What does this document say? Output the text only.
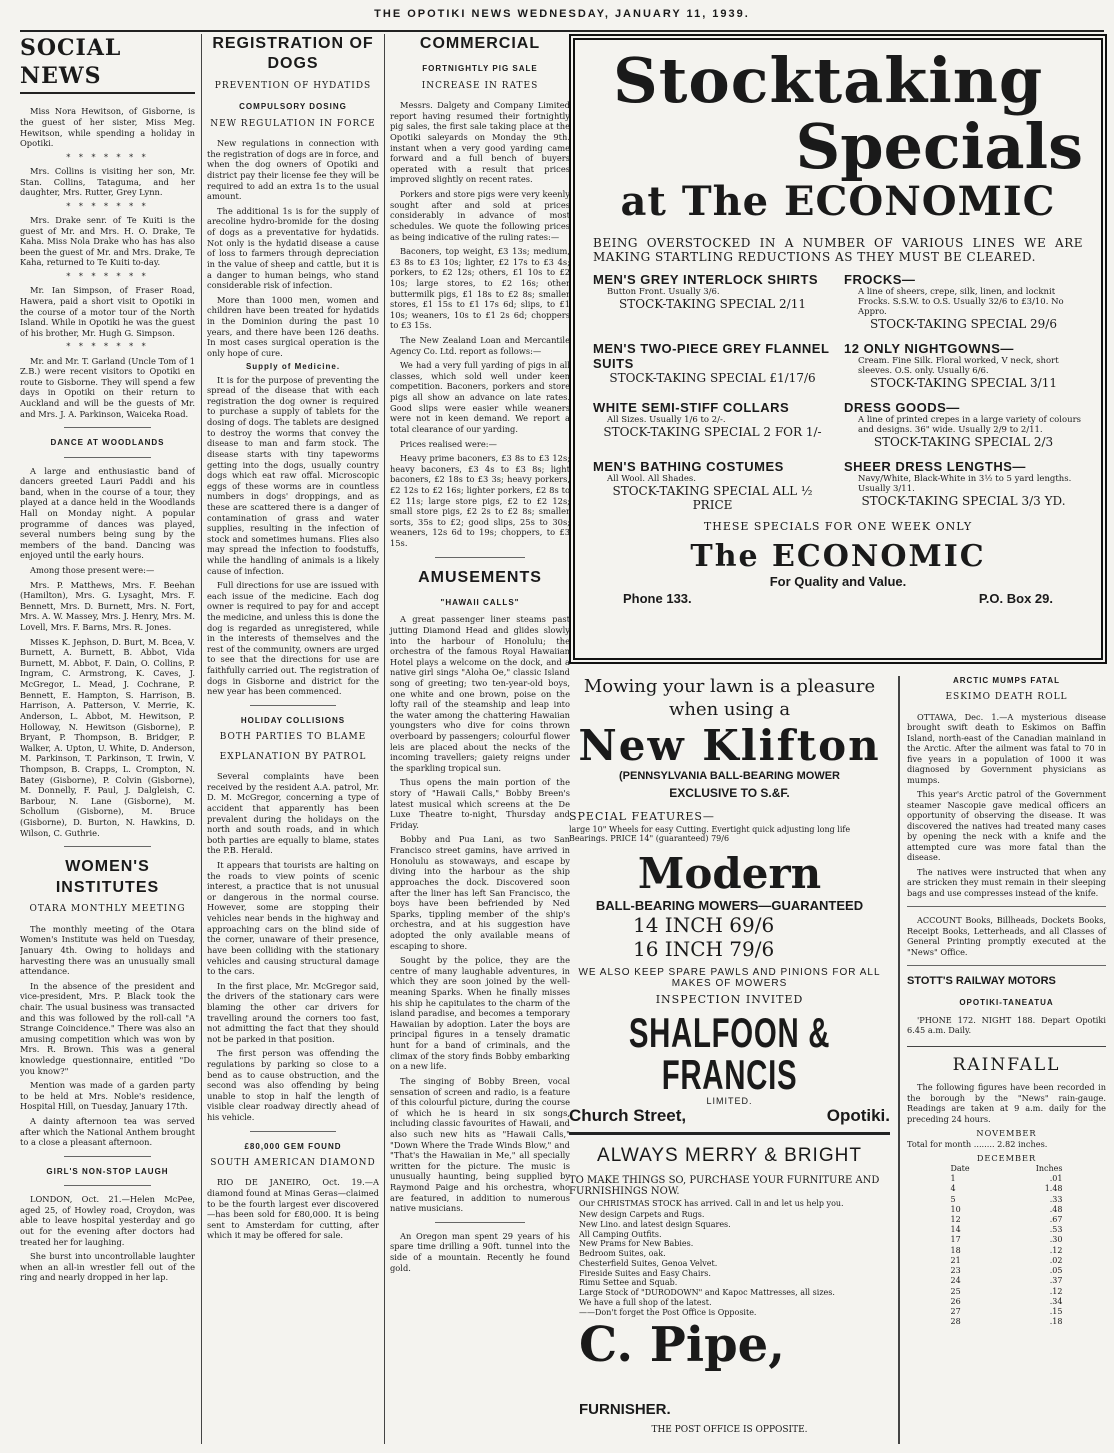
THE OPOTIKI NEWS WEDNESDAY, JANUARY 11, 1939.
SOCIAL NEWS

Miss Nora Hewitson, of Gisborne, is the guest of her sister, Miss Meg. Hewitson, while spending a holiday in Opotiki.

* * * * * * *

Mrs. Collins is visiting her son, Mr. Stan. Collins, Tataguma, and her daughter, Mrs. Rutter, Grey Lynn.

* * * * * * *

Mrs. Drake senr. of Te Kuiti is the guest of Mr. and Mrs. H. O. Drake, Te Kaha. Miss Nola Drake who has has also been the guest of Mr. and Mrs. Drake, Te Kaha, returned to Te Kuiti to-day.

* * * * * * *

Mr. Ian Simpson, of Fraser Road, Hawera, paid a short visit to Opotiki in the course of a motor tour of the North Island. While in Opotiki he was the guest of his brother, Mr. Hugh G. Simpson.

* * * * * * *

Mr. and Mr. T. Garland (Uncle Tom of 1 Z.B.) were recent visitors to Opotiki en route to Gisborne. They will spend a few days in Opotiki on their return to Auckland and will be the guests of Mr. and Mrs. J. A. Parkinson, Waiceka Road.

DANCE AT WOODLANDS

A large and enthusiastic band of dancers greeted Lauri Paddi and his band, when in the course of a tour, they played at a dance held in the Woodlands Hall on Monday night. A popular programme of dances was played, several numbers being sung by the members of the band. Dancing was enjoyed until the early hours.

Among those present were:—

Mrs. P. Matthews, Mrs. F. Beehan (Hamilton), Mrs. G. Lysaght, Mrs. F. Bennett, Mrs. D. Burnett, Mrs. N. Fort, Mrs. A. W. Massey, Mrs. J. Henry, Mrs. M. Lovell, Mrs. F. Barns, Mrs. R. Jones.

Misses K. Jephson, D. Burt, M. Bcea, V. Burnett, A. Burnett, B. Abbot, Vida Burnett, M. Abbot, F. Dain, O. Collins, P. Ingram, C. Armstrong, K. Caves, J. McGregor, L. Mead, J. Cochrane, P. Bennett, E. Hampton, S. Harrison, B. Harrison, A. Patterson, V. Merrie, K. Anderson, L. Abbot, M. Hewitson, P. Holloway, N. Hewitson (Gisborne), P. Bryant, P. Thompson, B. Bridger, P. Walker, A. Upton, U. White, D. Anderson, M. Parkinson, T. Parkinson, T. Irwin, V. Thompson, B. Crapps, L. Crompton, N. Batey (Gisborne), P. Colvin (Gisborne), M. Donnelly, F. Paul, J. Dalgleish, C. Barbour, N. Lane (Gisborne), M. Schollum (Gisborne), M. Bruce (Gisborne), D. Burton, N. Hawkins, D. Wilson, C. Guthrie.

WOMEN'S INSTITUTES
OTARA MONTHLY MEETING

The monthly meeting of the Otara Women's Institute was held on Tuesday, January 4th. Owing to holidays and harvesting there was an unusually small attendance.

In the absence of the president and vice-president, Mrs. P. Black took the chair. The usual business was transacted and this was followed by the roll-call "A Strange Coincidence." There was also an amusing competition which was won by Mrs. R. Brown. This was a general knowledge questionnaire, entitled "Do you know?"

Mention was made of a garden party to be held at Mrs. Noble's residence, Hospital Hill, on Tuesday, January 17th.

A dainty afternoon tea was served after which the National Anthem brought to a close a pleasant afternoon.

GIRL'S NON-STOP LAUGH

LONDON, Oct. 21.—Helen McPee, aged 25, of Howley road, Croydon, was able to leave hospital yesterday and go out for the evening after doctors had treated her for laughing.

She burst into uncontrollable laughter when an all-in wrestler fell out of the ring and nearly dropped in her lap.

REGISTRATION OF DOGS
PREVENTION OF HYDATIDS
COMPULSORY DOSING
NEW REGULATION IN FORCE

New regulations in connection with the registration of dogs are in force, and when the dog owners of Opotiki and district pay their license fee they will be required to add an extra 1s to the usual amount.

The additional 1s is for the supply of arecoline hydro-bromide for the dosing of dogs as a preventative for hydatids. Not only is the hydatid disease a cause of loss to farmers through depreciation in the value of sheep and cattle, but it is a danger to human beings, who stand considerable risk of infection.

More than 1000 men, women and children have been treated for hydatids in the Dominion during the past 10 years, and there have been 126 deaths. In most cases surgical operation is the only hope of cure.

Supply of Medicine.

It is for the purpose of preventing the spread of the disease that with each registration the dog owner is required to purchase a supply of tablets for the dosing of dogs. The tablets are designed to destroy the worms that convey the disease to man and farm stock. The disease starts with tiny tapeworms getting into the dogs, usually country dogs which eat raw offal. Microscopic eggs of these worms are in countless numbers in dogs' droppings, and as these are scattered there is a danger of contamination of grass and water supplies, resulting in the infection of stock and sometimes humans. Flies also may spread the infection to foodstuffs, while the handling of animals is a likely cause of infection.

Full directions for use are issued with each issue of the medicine. Each dog owner is required to pay for and accept the medicine, and unless this is done the dog is regarded as unregistered, while in the interests of themselves and the rest of the community, owners are urged to see that the directions for use are faithfully carried out. The registration of dogs in Gisborne and district for the new year has been commenced.

HOLIDAY COLLISIONS
BOTH PARTIES TO BLAME
EXPLANATION BY PATROL

Several complaints have been received by the resident A.A. patrol, Mr. D. M. McGregor, concerning a type of accident that apparently has been prevalent during the holidays on the north and south roads, and in which both parties are equally to blame, states the P.B. Herald.

It appears that tourists are halting on the roads to view points of scenic interest, a practice that is not unusual or dangerous in the normal course. However, some are stopping their vehicles near bends in the highway and approaching cars on the blind side of the corner, unaware of their presence, have been colliding with the stationary vehicles and causing structural damage to the cars.

In the first place, Mr. McGregor said, the drivers of the stationary cars were blaming the other car drivers for travelling around the corners too fast, not admitting the fact that they should not be parked in that position.

The first person was offending the regulations by parking so close to a bend as to cause obstruction, and the second was also offending by being unable to stop in half the length of visible clear roadway directly ahead of his vehicle.

£80,000 GEM FOUND
SOUTH AMERICAN DIAMOND

RIO DE JANEIRO, Oct. 19.—A diamond found at Minas Geras—claimed to be the fourth largest ever discovered—has been sold for £80,000. It is being sent to Amsterdam for cutting, after which it may be offered for sale.

COMMERCIAL
FORTNIGHTLY PIG SALE
INCREASE IN RATES

Messrs. Dalgety and Company Limited report having resumed their fortnightly pig sales, the first sale taking place at the Opotiki saleyards on Monday the 9th. instant when a very good yarding came forward and a full bench of buyers operated with a result that prices improved slightly on recent rates.

Porkers and store pigs were very keenly sought after and sold at prices considerably in advance of most schedules. We quote the following prices as being indicative of the ruling rates:—

Baconers, top weight, £3 13s; medium, £3 8s to £3 10s; lighter, £2 17s to £3 4s; porkers, to £2 12s; others, £1 10s to £2 10s; large stores, to £2 16s; other buttermilk pigs, £1 18s to £2 8s; smaller stores, £1 15s to £1 17s 6d; slips, to £1 10s; weaners, 10s to £1 2s 6d; choppers to £3 15s.

The New Zealand Loan and Mercantile Agency Co. Ltd. report as follows:—

We had a very full yarding of pigs in all classes, which sold well under keen competition. Baconers, porkers and store pigs all show an advance on late rates. Good slips were easier while weaners were not in keen demand. We report a total clearance of our yarding.

Prices realised were:—

Heavy prime baconers, £3 8s to £3 12s; heavy baconers, £3 4s to £3 8s; light baconers, £2 18s to £3 3s; heavy porkers, £2 12s to £2 16s; lighter porkers, £2 8s to £2 11s; large store pigs, £2 to £2 12s; small store pigs, £2 2s to £2 8s; smaller sorts, 35s to £2; good slips, 25s to 30s; weaners, 12s 6d to 19s; choppers, to £3 15s.

AMUSEMENTS
"HAWAII CALLS"

A great passenger liner steams past jutting Diamond Head and glides slowly into the harbour of Honolulu; the orchestra of the famous Royal Hawaiian Hotel plays a welcome on the dock, and a native girl sings "Aloha Oe," classic Island song of greeting; two ten-year-old boys, one white and one brown, poise on the lofty rail of the steamship and leap into the water among the chattering Hawaiian youngsters who dive for coins thrown overboard by passengers; colourful flower leis are placed about the necks of the incoming travellers; gaiety reigns under the sparkling tropical sun.

Thus opens the main portion of the story of "Hawaii Calls," Bobby Breen's latest musical which screens at the De Luxe Theatre to-night, Thursday and Friday.

Bobby and Pua Lani, as two San Francisco street gamins, have arrived in Honolulu as stowaways, and escape by diving into the harbour as the ship approaches the dock. Discovered soon after the liner has left San Francisco, the boys have been befriended by Ned Sparks, tippling member of the ship's orchestra, and at his suggestion have adopted the only available means of escaping to shore.

Sought by the police, they are the centre of many laughable adventures, in which they are soon joined by the well-meaning Sparks. When he finally misses his ship he capitulates to the charm of the island paradise, and becomes a temporary Hawaiian by adoption. Later the boys are principal figures in a tensely dramatic hunt for a band of criminals, and the climax of the story finds Bobby embarking on a new life.

The singing of Bobby Breen, vocal sensation of screen and radio, is a feature of this colourful picture, during the course of which he is heard in six songs, including classic favourites of Hawaii, and also such new hits as "Hawaii Calls," "Down Where the Trade Winds Blow," and "That's the Hawaiian in Me," all specially written for the picture. The music is unusually haunting, being supplied by Raymond Paige and his orchestra, who are featured, in addition to numerous native musicians.

An Oregon man spent 29 years of his spare time drilling a 90ft. tunnel into the side of a mountain. Recently he found gold.

Stocktaking
Specials
at The ECONOMIC
BEING OVERSTOCKED IN A NUMBER OF VARIOUS LINES WE ARE MAKING STARTLING REDUCTIONS AS THEY MUST BE CLEARED.
MEN'S GREY INTERLOCK SHIRTS
Button Front. Usually 3/6.
STOCK-TAKING SPECIAL 2/11
FROCKS—
A line of sheers, crepe, silk, linen, and locknit Frocks. S.S.W. to O.S. Usually 32/6 to £3/10. No Appro.
STOCK-TAKING SPECIAL 29/6
MEN'S TWO-PIECE GREY FLANNEL SUITS
STOCK-TAKING SPECIAL £1/17/6
12 ONLY NIGHTGOWNS—
Cream. Fine Silk. Floral worked, V neck, short sleeves. O.S. only. Usually 6/6.
STOCK-TAKING SPECIAL 3/11
WHITE SEMI-STIFF COLLARS
All Sizes. Usually 1/6 to 2/-.
STOCK-TAKING SPECIAL 2 FOR 1/-
DRESS GOODS—
A line of printed crepes in a large variety of colours and designs. 36" wide. Usually 2/9 to 2/11.
STOCK-TAKING SPECIAL 2/3
MEN'S BATHING COSTUMES
All Wool. All Shades.
STOCK-TAKING SPECIAL ALL ½ PRICE
SHEER DRESS LENGTHS—
Navy/White, Black-White in 3½ to 5 yard lengths. Usually 3/11.
STOCK-TAKING SPECIAL 3/3 YD.
THESE SPECIALS FOR ONE WEEK ONLY
The ECONOMIC
For Quality and Value.
Phone 133.	P.O. Box 29.
Mowing your lawn is a pleasure
when using a
New Klifton
(PENNSYLVANIA BALL-BEARING MOWER
EXCLUSIVE TO S.&F.
SPECIAL FEATURES—
large 10" Wheels for easy Cutting. Evertight quick adjusting long life Bearings. PRICE 14" (guaranteed) 79/6
Modern
BALL-BEARING MOWERS—GUARANTEED
14 INCH 69/6
16 INCH 79/6
WE ALSO KEEP SPARE PAWLS AND PINIONS FOR ALL MAKES OF MOWERS
INSPECTION INVITED
SHALFOON & FRANCIS
LIMITED.
Church Street,	Opotiki.
ALWAYS MERRY & BRIGHT
TO MAKE THINGS SO, PURCHASE YOUR FURNITURE AND FURNISHINGS NOW.
Our CHRISTMAS STOCK has arrived. Call in and let us help you.
New design Carpets and Rugs.
New Lino. and latest design Squares.
All Camping Outfits.
New Prams for New Babies.
Bedroom Suites, oak.
Chesterfield Suites, Genoa Velvet.
Fireside Suites and Easy Chairs.
Rimu Settee and Squab.
Large Stock of "DURODOWN" and Kapoc Mattresses, all sizes.
We have a full shop of the latest.
——Don't forget the Post Office is Opposite.
C. Pipe, FURNISHER.
THE POST OFFICE IS OPPOSITE.
ARCTIC MUMPS FATAL
ESKIMO DEATH ROLL

OTTAWA, Dec. 1.—A mysterious disease brought swift death to Eskimos on Baffin Island, north-east of the Canadian mainland in the Arctic. After the ailment was fatal to 70 in five years in a population of 1000 it was diagnosed by Government physicians as mumps.

This year's Arctic patrol of the Government steamer Nascopie gave medical officers an opportunity of observing the disease. It was discovered the natives had treated many cases by opening the neck with a knife and the attempted cure was more fatal than the disease.

The natives were instructed that when any are stricken they must remain in their sleeping bags and use compresses instead of the knife.

ACCOUNT Books, Billheads, Dockets Books, Receipt Books, Letterheads, and all Classes of General Printing promptly executed at the "News" Office.

STOTT'S RAILWAY MOTORS
OPOTIKI-TANEATUA

'PHONE 172. NIGHT 188. Depart Opotiki 6.45 a.m. Daily.

RAINFALL

The following figures have been recorded in the borough by the "News" rain-gauge. Readings are taken at 9 a.m. daily for the preceding 24 hours.

NOVEMBER
Total for month ........ 2.82 inches.
DECEMBER
Date	Inches
1	.01
4	1.48
5	.33
10	.48
12	.67
14	.53
17	.30
18	.12
21	.02
23	.05
24	.37
25	.12
26	.34
27	.15
28	.18
